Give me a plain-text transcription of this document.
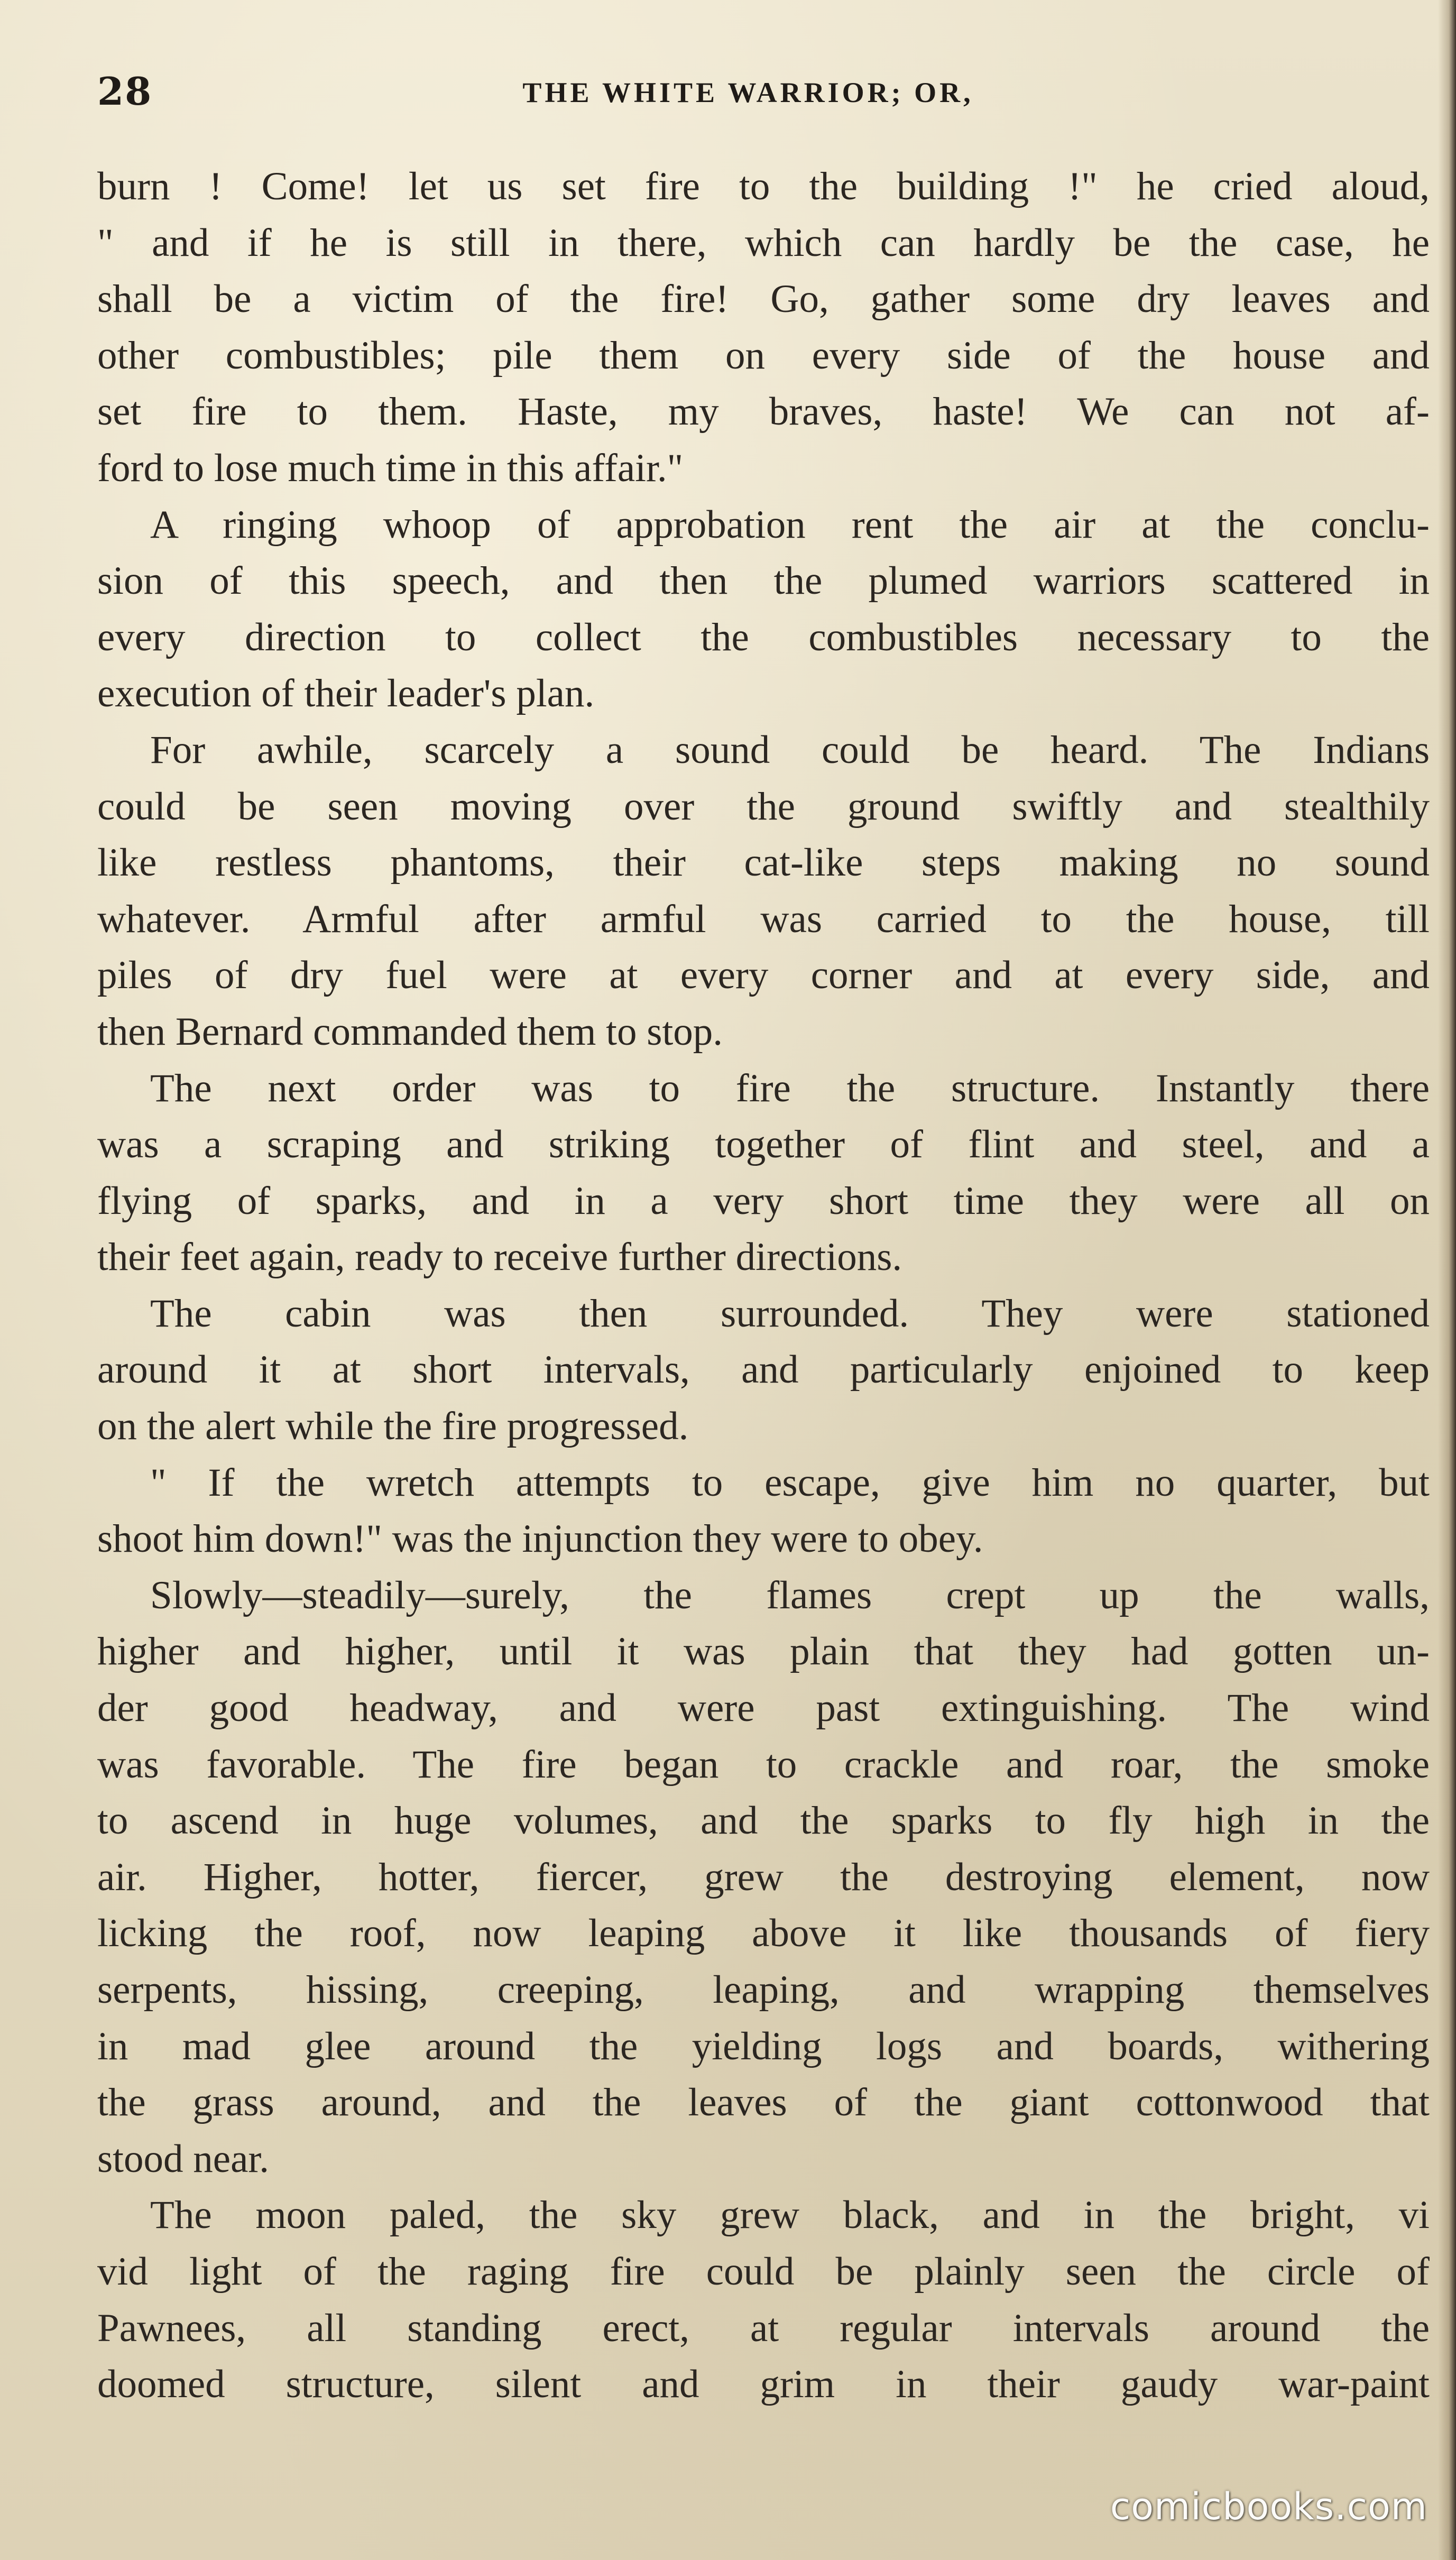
28	THE WHITE WARRIOR; OR,
burn ! Come! let us set fire to the building !" he cried aloud,
" and if he is still in there, which can hardly be the case, he
shall be a victim of the fire! Go, gather some dry leaves and
other combustibles; pile them on every side of the house and
set fire to them. Haste, my braves, haste! We can not af-
ford to lose much time in this affair."
A ringing whoop of approbation rent the air at the conclu-
sion of this speech, and then the plumed warriors scattered in
every direction to collect the combustibles necessary to the
execution of their leader's plan.
For awhile, scarcely a sound could be heard. The Indians
could be seen moving over the ground swiftly and stealthily
like restless phantoms, their cat-like steps making no sound
whatever. Armful after armful was carried to the house, till
piles of dry fuel were at every corner and at every side, and
then Bernard commanded them to stop.
The next order was to fire the structure. Instantly there
was a scraping and striking together of flint and steel, and a
flying of sparks, and in a very short time they were all on
their feet again, ready to receive further directions.
The cabin was then surrounded. They were stationed
around it at short intervals, and particularly enjoined to keep
on the alert while the fire progressed.
" If the wretch attempts to escape, give him no quarter, but
shoot him down!" was the injunction they were to obey.
Slowly—steadily—surely, the flames crept up the walls,
higher and higher, until it was plain that they had gotten un-
der good headway, and were past extinguishing. The wind
was favorable. The fire began to crackle and roar, the smoke
to ascend in huge volumes, and the sparks to fly high in the
air. Higher, hotter, fiercer, grew the destroying element, now
licking the roof, now leaping above it like thousands of fiery
serpents, hissing, creeping, leaping, and wrapping themselves
in mad glee around the yielding logs and boards, withering
the grass around, and the leaves of the giant cottonwood that
stood near.
The moon paled, the sky grew black, and in the bright, vi
vid light of the raging fire could be plainly seen the circle of
Pawnees, all standing erect, at regular intervals around the
doomed structure, silent and grim in their gaudy war-paint
comicbooks.com
